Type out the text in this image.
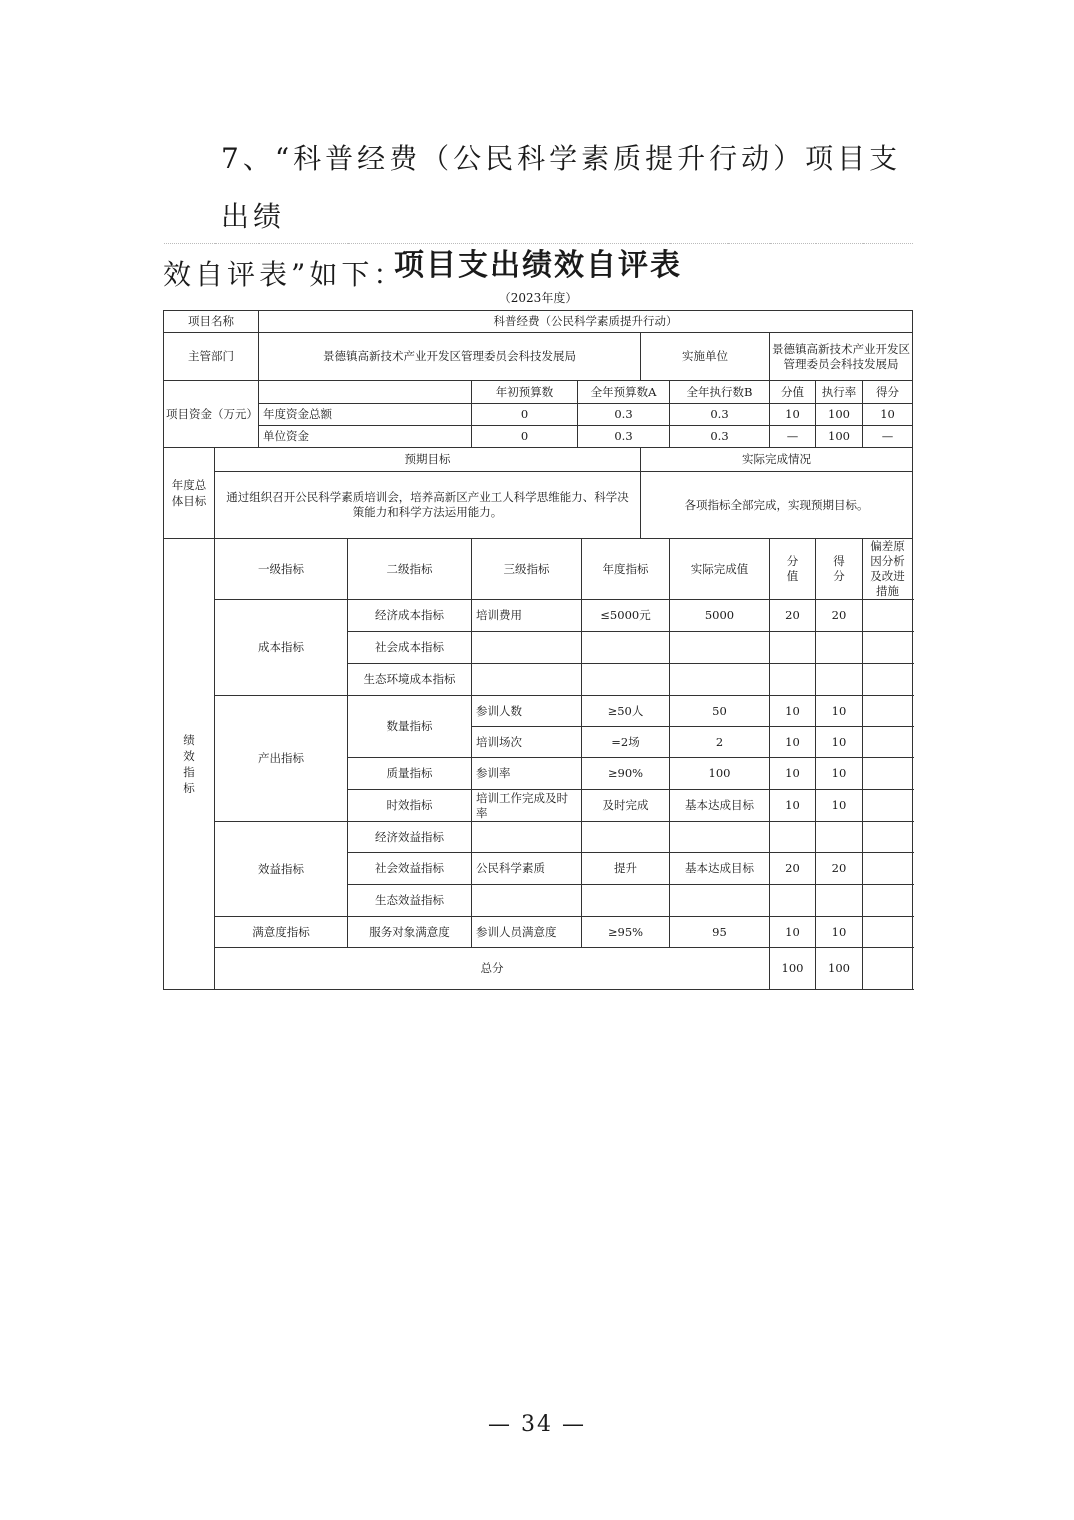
7、“科普经费（公民科学素质提升行动）项目支出绩
效自评表”如下：
项目支出绩效自评表											
（2023年度）											
项目名称		科普经费（公民科学素质提升行动）									
主管部门		景德镇高新技术产业开发区管理委员会科技发展局					实施单位		景德镇高新技术产业开发区管理委员会科技发展局		
项目资金（万元）				年初预算数	全年预算数A			全年执行数B	分值	执行率	得分
		年度资金总额		0	0.3			0.3	10	100	10
		单位资金		0	0.3			0.3	—	100	—

年度总体目标	预期目标						实际完成情况				
	通过组织召开公民科学素质培训会，培养高新区产业工人科学思维能力、科学决策能力和科学方法运用能力。						各项指标全部完成，实现预期目标。				

绩效指标	一级指标		二级指标	三级指标		年度指标		实际完成值	分值	得分	偏差原因分析及改进措施
	成本指标		经济成本指标	培训费用		≤5000元		5000	20	20	
			社会成本指标								
			生态环境成本指标								
	产出指标		数量指标	参训人数		≥50人		50	10	10	
				培训场次		=2场		2	10	10	
			质量指标	参训率		≥90%		100	10	10	
			时效指标	培训工作完成及时率		及时完成		基本达成目标	10	10	
	效益指标		经济效益指标								
			社会效益指标	公民科学素质		提升		基本达成目标	20	20	
			生态效益指标								
	满意度指标		服务对象满意度	参训人员满意度		≥95%		95	10	10	
	总分								100	100	
— 34 —
